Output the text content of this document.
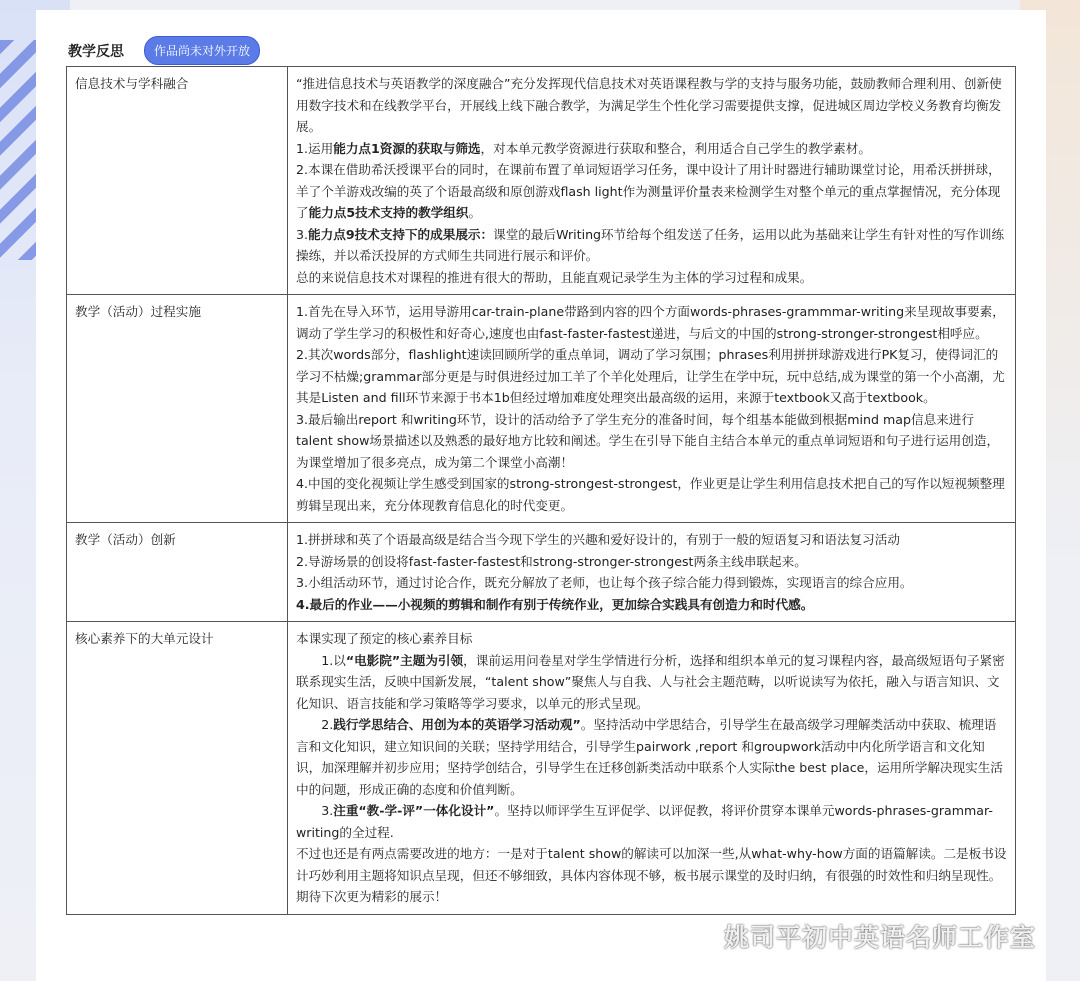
教学反思	作品尚未对外开放
信息技术与学科融合	“推进信息技术与英语教学的深度融合”充分发挥现代信息技术对英语课程教与学的支持与服务功能，鼓励教师合理利用、创新使用数字技术和在线教学平台，开展线上线下融合教学，为满足学生个性化学习需要提供支撑，促进城区周边学校义务教育均衡发展。

1.运用能力点1资源的获取与筛选，对本单元教学资源进行获取和整合，利用适合自己学生的教学素材。

2.本课在借助希沃授课平台的同时，在课前布置了单词短语学习任务，课中设计了用计时器进行辅助课堂讨论，用希沃拼拼球，羊了个羊游戏改编的英了个语最高级和原创游戏flash light作为测量评价量表来检测学生对整个单元的重点掌握情况，充分体现了能力点5技术支持的教学组织。

3.能力点9技术支持下的成果展示：课堂的最后Writing环节给每个组发送了任务，运用以此为基础来让学生有针对性的写作训练操练，并以希沃投屏的方式师生共同进行展示和评价。

总的来说信息技术对课程的推进有很大的帮助，且能直观记录学生为主体的学习过程和成果。

教学（活动）过程实施	1.首先在导入环节，运用导游用car-train-plane带路到内容的四个方面words-phrases-grammmar-writing来呈现故事要素，调动了学生学习的积极性和好奇心,速度也由fast-faster-fastest递进，与后文的中国的strong-stronger-strongest相呼应。

2.其次words部分，flashlight速读回顾所学的重点单词，调动了学习氛围；phrases利用拼拼球游戏进行PK复习，使得词汇的学习不枯燥;grammar部分更是与时俱进经过加工羊了个羊化处理后，让学生在学中玩，玩中总结,成为课堂的第一个小高潮，尤其是Listen and fill环节来源于书本1b但经过增加难度处理突出最高级的运用，来源于textbook又高于textbook。

3.最后输出report 和writing环节，设计的活动给予了学生充分的准备时间，每个组基本能做到根据mind map信息来进行talent show场景描述以及熟悉的最好地方比较和阐述。学生在引导下能自主结合本单元的重点单词短语和句子进行运用创造，为课堂增加了很多亮点，成为第二个课堂小高潮！

4.中国的变化视频让学生感受到国家的strong-strongest-strongest，作业更是让学生利用信息技术把自己的写作以短视频整理剪辑呈现出来，充分体现教育信息化的时代变更。

教学（活动）创新	1.拼拼球和英了个语最高级是结合当今现下学生的兴趣和爱好设计的，有别于一般的短语复习和语法复习活动

2.导游场景的创设将fast-faster-fastest和strong-stronger-strongest两条主线串联起来。

3.小组活动环节，通过讨论合作，既充分解放了老师，也让每个孩子综合能力得到锻炼，实现语言的综合应用。

4.最后的作业——小视频的剪辑和制作有别于传统作业，更加综合实践具有创造力和时代感。

核心素养下的大单元设计	本课实现了预定的核心素养目标

1.以“电影院”主题为引领，课前运用问卷星对学生学情进行分析，选择和组织本单元的复习课程内容，最高级短语句子紧密联系现实生活，反映中国新发展，“talent show”聚焦人与自我、人与社会主题范畴，以听说读写为依托，融入与语言知识、文化知识、语言技能和学习策略等学习要求，以单元的形式呈现。

2.践行学思结合、用创为本的英语学习活动观”。坚持活动中学思结合，引导学生在最高级学习理解类活动中获取、梳理语言和文化知识，建立知识间的关联；坚持学用结合，引导学生pairwork ,report 和groupwork活动中内化所学语言和文化知识，加深理解并初步应用；坚持学创结合，引导学生在迁移创新类活动中联系个人实际the best place，运用所学解决现实生活中的问题，形成正确的态度和价值判断。

3.注重“教-学-评”一体化设计”。坚持以师评学生互评促学、以评促教，将评价贯穿本课单元words-phrases-grammar-writing的全过程.

不过也还是有两点需要改进的地方：一是对于talent show的解读可以加深一些,从what-why-how方面的语篇解读。二是板书设计巧妙利用主题将知识点呈现，但还不够细致，具体内容体现不够，板书展示课堂的及时归纳，有很强的时效性和归纳呈现性。期待下次更为精彩的展示！

姚司平初中英语名师工作室
